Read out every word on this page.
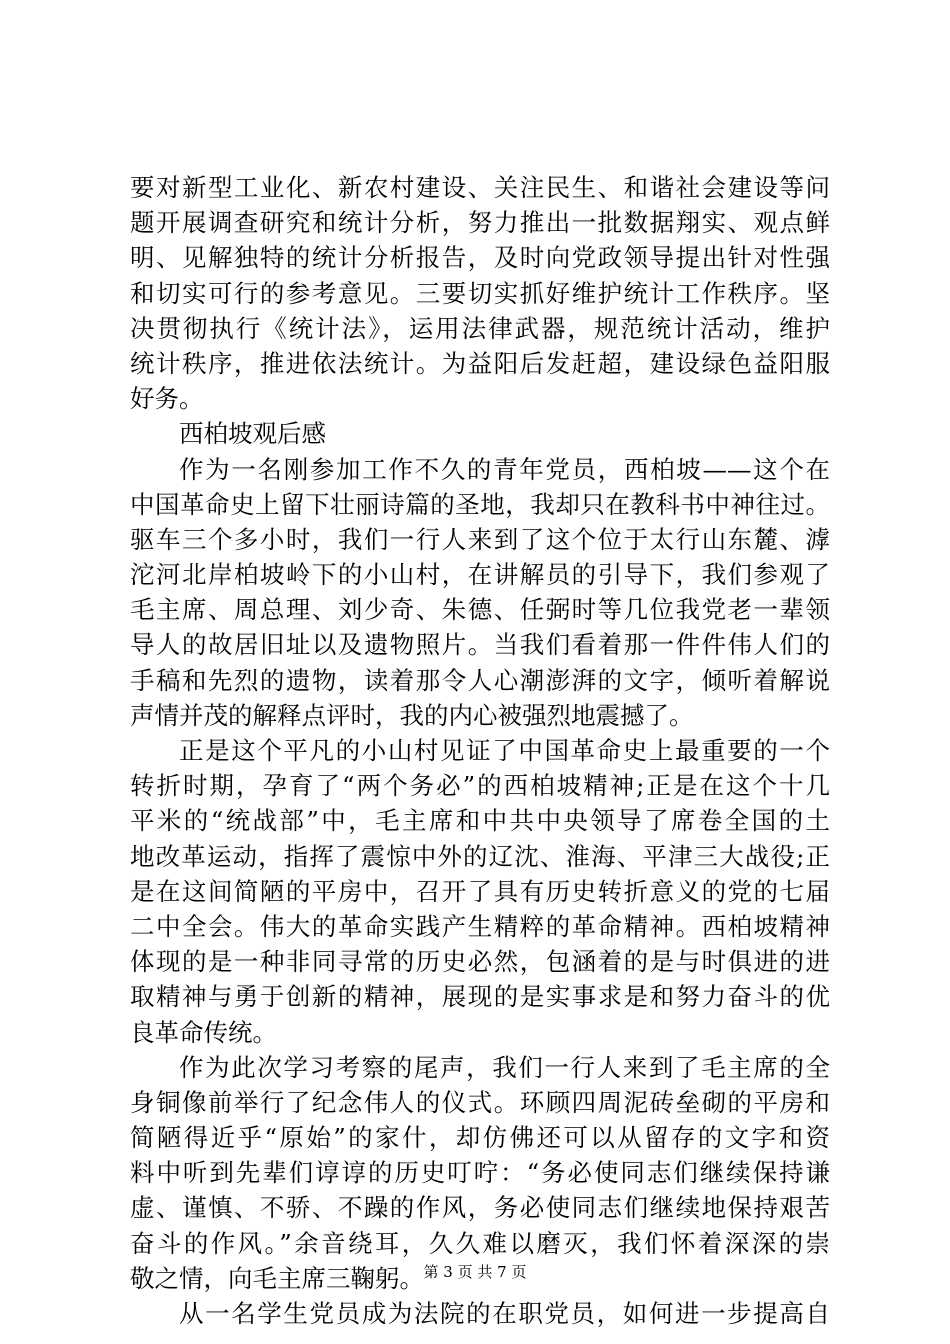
要对新型工业化、新农村建设、关注民生、和谐社会建设等问
题开展调查研究和统计分析，努力推出一批数据翔实、观点鲜
明、见解独特的统计分析报告，及时向党政领导提出针对性强
和切实可行的参考意见。三要切实抓好维护统计工作秩序。坚
决贯彻执行《统计法》，运用法律武器，规范统计活动，维护
统计秩序，推进依法统计。为益阳后发赶超，建设绿色益阳服
好务。
西柏坡观后感
作为一名刚参加工作不久的青年党员，西柏坡——这个在
中国革命史上留下壮丽诗篇的圣地，我却只在教科书中神往过。
驱车三个多小时，我们一行人来到了这个位于太行山东麓、滹
沱河北岸柏坡岭下的小山村，在讲解员的引导下，我们参观了
毛主席、周总理、刘少奇、朱德、任弼时等几位我党老一辈领
导人的故居旧址以及遗物照片。当我们看着那一件件伟人们的
手稿和先烈的遗物，读着那令人心潮澎湃的文字，倾听着解说
声情并茂的解释点评时，我的内心被强烈地震撼了。
正是这个平凡的小山村见证了中国革命史上最重要的一个
转折时期，孕育了“两个务必”的西柏坡精神;正是在这个十几
平米的“统战部”中，毛主席和中共中央领导了席卷全国的土
地改革运动，指挥了震惊中外的辽沈、淮海、平津三大战役;正
是在这间简陋的平房中，召开了具有历史转折意义的党的七届
二中全会。伟大的革命实践产生精粹的革命精神。西柏坡精神
体现的是一种非同寻常的历史必然，包涵着的是与时俱进的进
取精神与勇于创新的精神，展现的是实事求是和努力奋斗的优
良革命传统。
作为此次学习考察的尾声，我们一行人来到了毛主席的全
身铜像前举行了纪念伟人的仪式。环顾四周泥砖垒砌的平房和
简陋得近乎“原始”的家什，却仿佛还可以从留存的文字和资
料中听到先辈们谆谆的历史叮咛：“务必使同志们继续保持谦
虚、谨慎、不骄、不躁的作风，务必使同志们继续地保持艰苦
奋斗的作风。”余音绕耳，久久难以磨灭，我们怀着深深的崇
敬之情，向毛主席三鞠躬。
从一名学生党员成为法院的在职党员，如何进一步提高自
第 3 页 共 7 页
